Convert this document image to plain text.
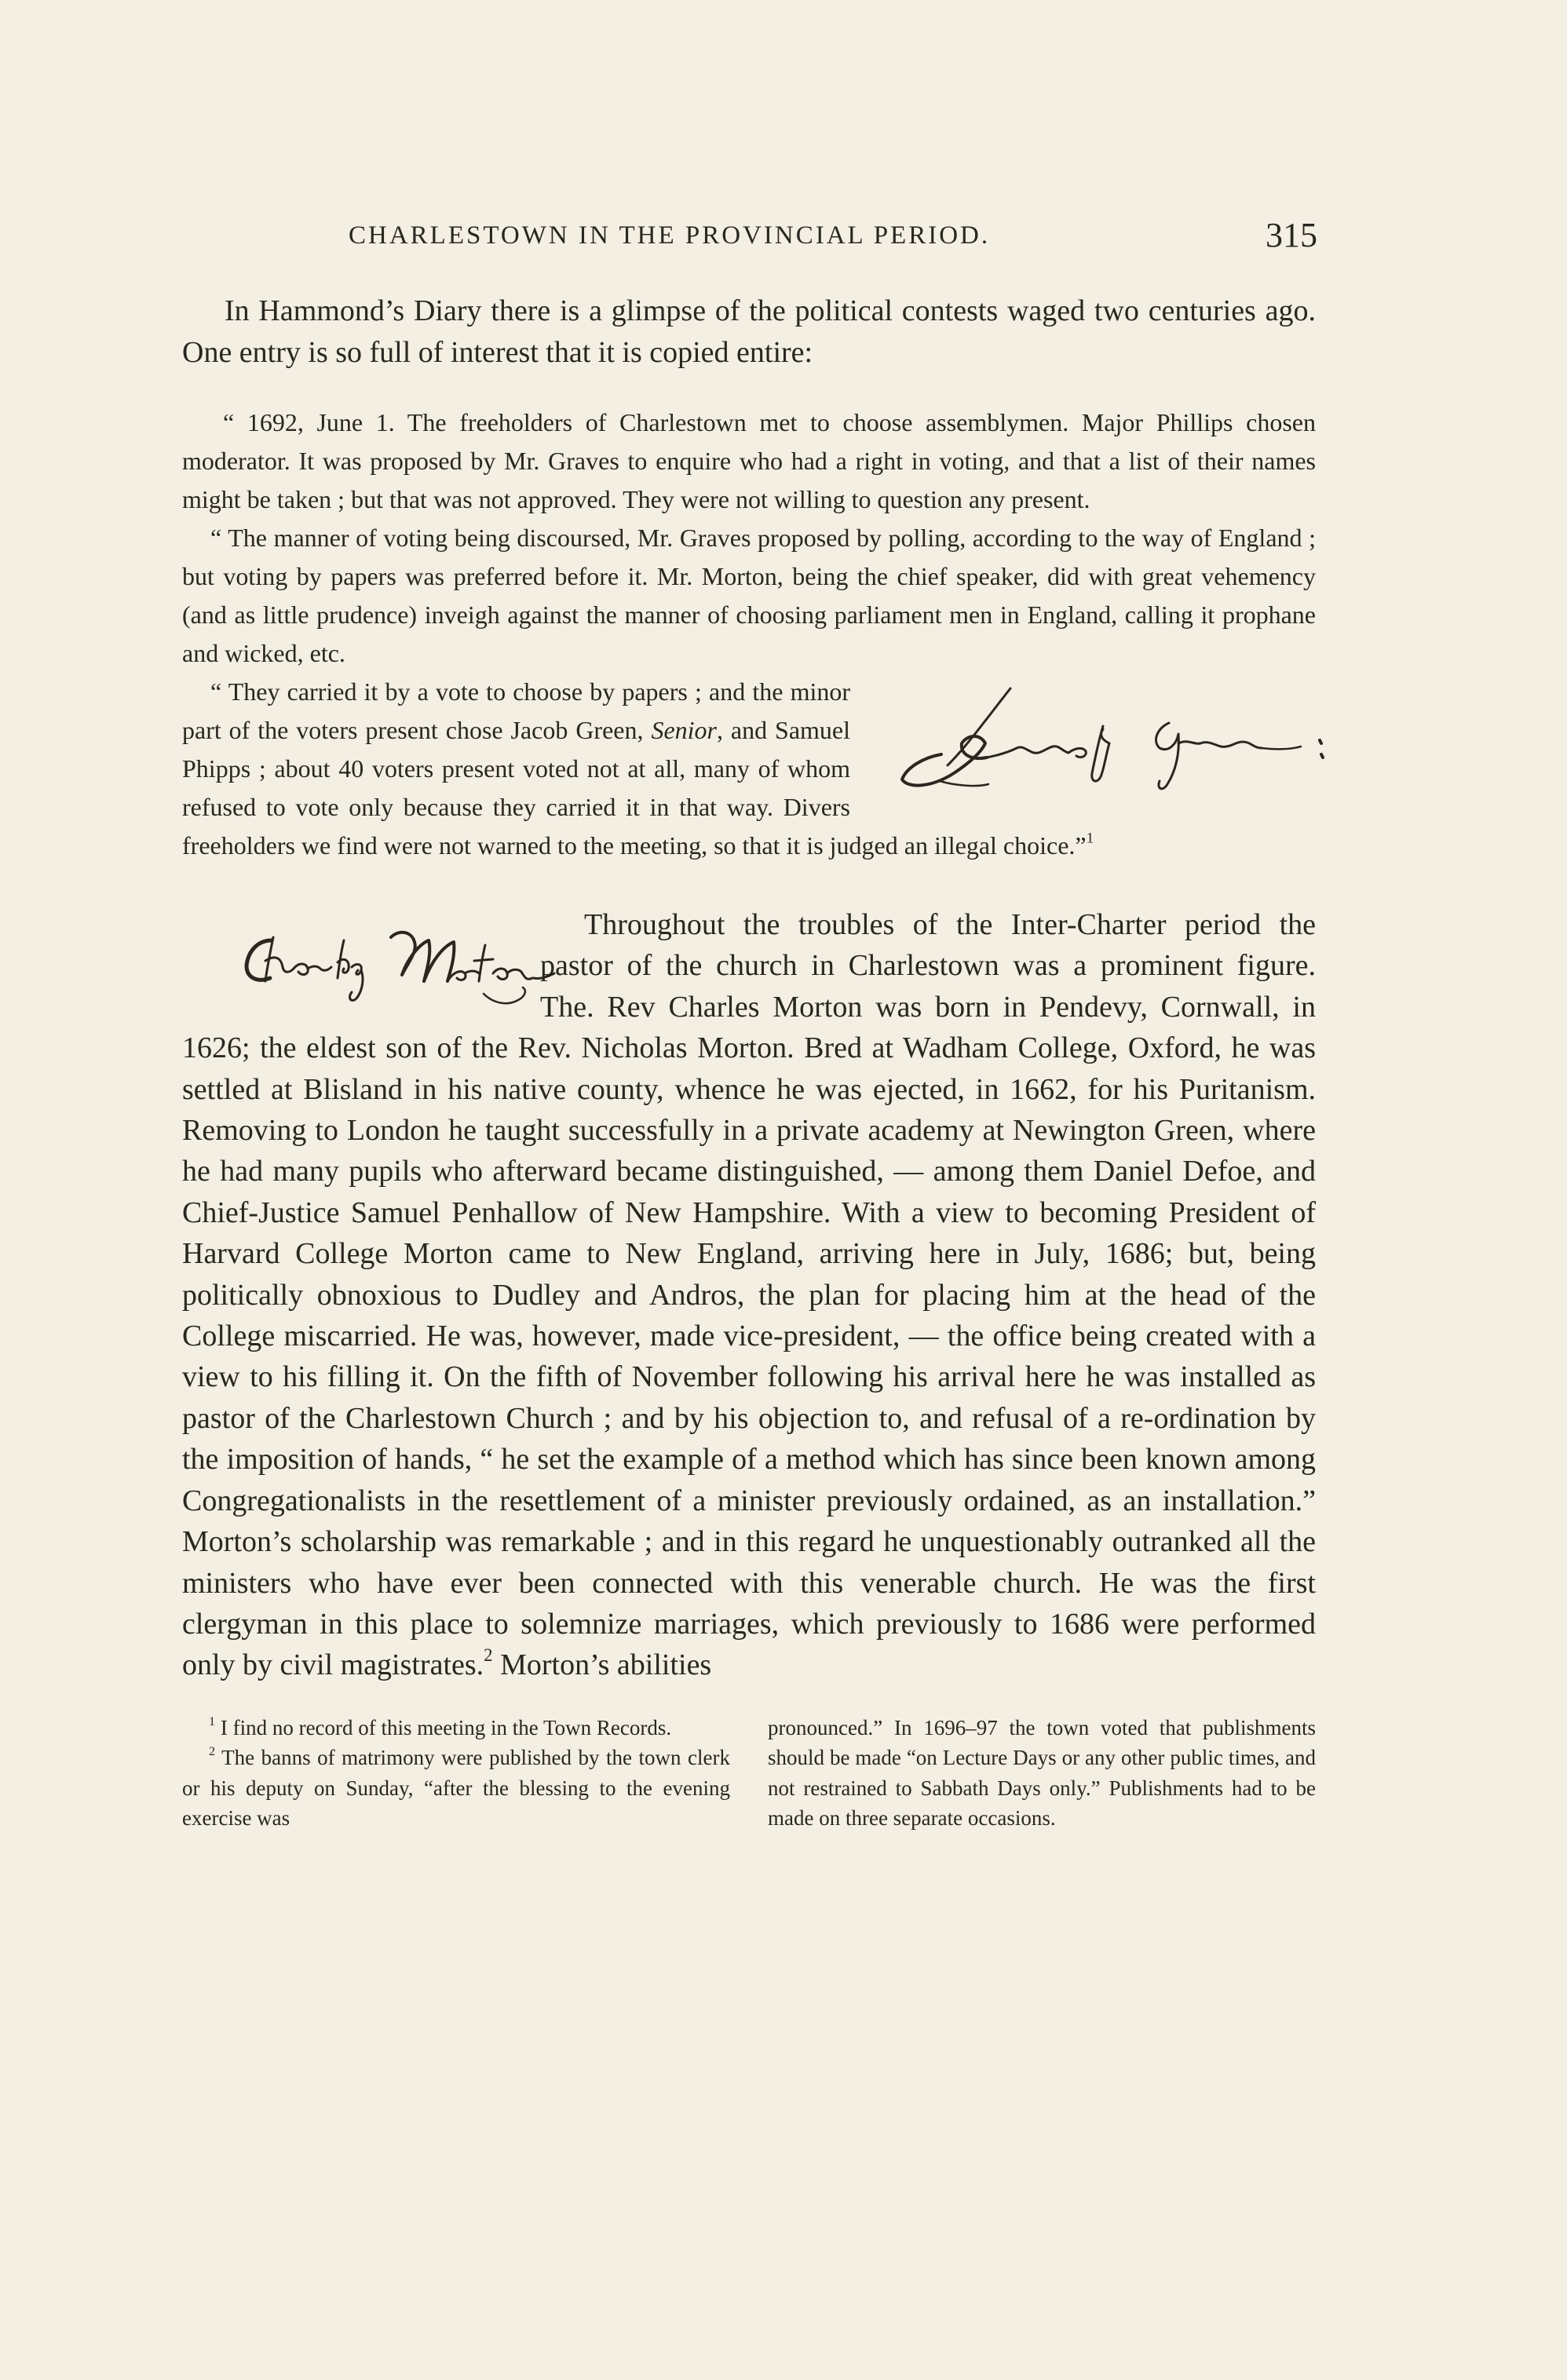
CHARLESTOWN IN THE PROVINCIAL PERIOD.	315

In Hammond’s Diary there is a glimpse of the political contests waged two centuries ago. One entry is so full of interest that it is copied entire:

“ 1692, June 1. The freeholders of Charlestown met to choose assemblymen. Major Phillips chosen moderator. It was proposed by Mr. Graves to enquire who had a right in voting, and that a list of their names might be taken ; but that was not approved. They were not willing to question any present.

“ The manner of voting being discoursed, Mr. Graves proposed by polling, according to the way of England ; but voting by papers was preferred before it. Mr. Morton, being the chief speaker, did with great vehemency (and as little prudence) inveigh against the manner of choosing parliament men in England, calling it prophane and wicked, etc.

“ They carried it by a vote to choose by papers ; and the minor part of the voters present chose Jacob Green, Senior, and Samuel Phipps ; about 40 voters present voted not at all, many of whom refused to vote only because they carried it in that way. Divers freeholders we find were not warned to the meeting, so that it is judged an illegal choice.”$^1$

Throughout the troubles of the Inter-Charter period the pastor of the church in Charlestown was a prominent figure. The. Rev Charles Morton was born in Pendevy, Cornwall, in 1626; the eldest son of the Rev. Nicholas Morton. Bred at Wadham College, Oxford, he was settled at Blisland in his native county, whence he was ejected, in 1662, for his Puritanism. Removing to London he taught successfully in a private academy at Newington Green, where he had many pupils who afterward became distinguished, — among them Daniel Defoe, and Chief-Justice Samuel Penhallow of New Hampshire. With a view to becoming President of Harvard College Morton came to New England, arriving here in July, 1686; but, being politically obnoxious to Dudley and Andros, the plan for placing him at the head of the College miscarried. He was, however, made vice-president, — the office being created with a view to his filling it. On the fifth of November following his arrival here he was installed as pastor of the Charlestown Church ; and by his objection to, and refusal of a re-ordination by the imposition of hands, “ he set the example of a method which has since been known among Congregationalists in the resettlement of a minister previously ordained, as an installation.” Morton’s scholarship was remarkable ; and in this regard he unquestionably outranked all the ministers who have ever been connected with this venerable church. He was the first clergyman in this place to solemnize marriages, which previously to 1686 were performed only by civil magistrates.$^2$ Morton’s abilities

$^1$ I find no record of this meeting in the Town Records.

$^2$ The banns of matrimony were published by the town clerk or his deputy on Sunday, “after the blessing to the evening exercise was

pronounced.” In 1696–97 the town voted that publishments should be made “on Lecture Days or any other public times, and not restrained to Sabbath Days only.” Publishments had to be made on three separate occasions.
